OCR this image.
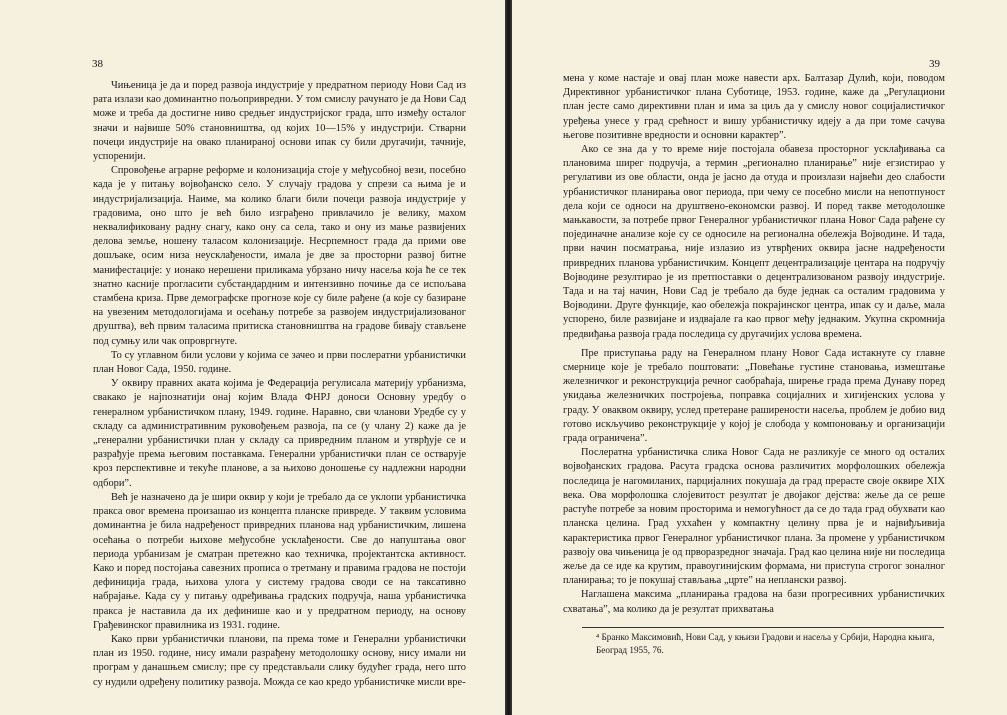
38

Чињеница је да и поред развоја индустрије у предратном периоду Нови Сад из рата излази као доминантно пољопривредни. У том смислу рачунато је да Нови Сад може и треба да достигне ниво средњег индустријског града, што између осталог значи и највише 50% становништва, од којих 10—15% у индустрији. Стварни почеци индустрије на овако планираној основи ипак су били другачији, тачније, успоренији.

Спровођење аграрне реформе и колонизација стоје у међусобној вези, посебно када је у питању војвођанско село. У случају градова у спрези са њима је и индустријализација. Наиме, ма колико благи били почеци развоја индустрије у градовима, оно што је већ било изграђено привлачило је велику, махом неквалификовану радну снагу, како ону са села, тако и ону из мање развијених делова земље, ношену таласом колонизације. Несрпемност града да прими ове дошљаке, осим низа неусклађености, имала је две за просторни развој битне манифестације: у ионако нерешени приликама убрзано ничу насеља која ће се тек знатно касније прогласити субстандардним и интензивно почиње да се испољава стамбена криза. Прве демографске прогнозе које су биле рађене (а које су базиране на увезеним методологијама и осећању потребе за развојем индустријализованог друштва), већ првим таласима притиска становништва на градове бивају стављене под сумњу или чак опровргнуте.

То су углавном били услови у којима се зачео и први послератни урбанистички план Новог Сада, 1950. године.

У оквиру правних аката којима је Федерација регулисала материју урбанизма, свакако је најпознатији онај којим Влада ФНРЈ доноси Основну уредбу о генералном урбанистичком плану, 1949. године. Наравно, сви чланови Уредбе су у складу са административним руковођењем развоја, па се (у члану 2) каже да је „генерални урбанистички план у складу са привредним планом и утврђује се и разрађује према његовим поставкама. Генерални урбанистички план се остварује кроз перспективне и текуће планове, а за њихово доношење су надлежни народни одбори”.

Већ је назначено да је шири оквир у који је требало да се уклопи урбанистичка пракса овог времена произашао из концепта планске привреде. У таквим условима доминантна је била надређеност привредних планова над урбанистичким, лишена осећања о потреби њихове међусобне усклађености. Све до напуштања овог периода урбанизам је сматран претежно као техничка, пројектантска активност. Како и поред постојања савезних прописа о третману и правима градова не постоји дефиниција града, њихова улога у систему градова своди се на таксативно набрајање. Када су у питању одређивања градских подручја, наша урбанистичка пракса је наставила да их дефинише као и у предратном периоду, на основу Грађевинског правилника из 1931. године.

Како први урбанистички планови, па према томе и Генерални урбанистички план из 1950. године, нису имали разрађену методолошку основу, нису имали ни програм у данашњем смислу; пре су представљали слику будућег града, него што су нудили одређену политику развоја. Можда се као кредо урбанистичке мисли вре-

39

мена у коме настаје и овај план може навести арх. Балтазар Дулић, који, поводом Директивног урбанистичког плана Суботице, 1953. године, каже да „Регулациони план јесте само директивни план и има за циљ да у смислу новог социјалистичког уређења унесе у град срећност и вишу урбанистичку идеју а да при томе сачува његове позитивне вредности и основни карактер”.

Ако се зна да у то време није постојала обавеза просторног усклађивања са плановима ширег подручја, а термин „регионално планирање” није егзистирао у регулативи из ове области, онда је јасно да отуда и произлази највећи део слабости урбанистичког планирања овог периода, при чему се посебно мисли на непотпуност дела који се односи на друштвено-економски развој. И поред такве методолошке мањкавости, за потребе првог Генералног урбанистичког плана Новог Сада рађене су појединачне анализе које су се односиле на регионална обележја Војводине. И тада, први начин посматрања, није излазио из утврђених оквира јасне надређености привредних планова урбанистичким. Концепт децентрализације центара на подручју Војводине резултирао је из претпоставки о децентрализованом развоју индустрије. Тада и на тај начин, Нови Сад је требало да буде једнак са осталим градовима у Војводини. Друге функције, као обележја покрајинског центра, ипак су и даље, мала успорено, биле развијане и издвајале га као првог међу једнаким. Укупна скромнија предвиђања развоја града последица су другачијих услова времена.

Пре приступања раду на Генералном плану Новог Сада истакнуте су главне смернице које је требало поштовати: „Повећање густине становања, измештање железничког и реконструкција речног саобраћаја, ширење града према Дунаву поред укидања железничких постројења, поправка социјалних и хигијенских услова у граду. У оваквом оквиру, услед претеране раширености насеља, проблем је добио вид готово искључиво реконструкције у којој је слобода у компоновању и организацији града ограничена”.

Послератна урбанистичка слика Новог Сада не разликује се много од осталих војвођанских градова. Расута градска основа различитих морфолошких обележја последица је нагомиланих, парцијалних покушаја да град прерасте своје оквире XIX века. Ова морфолошка слојевитост резултат је двојаког дејства: жеље да се реше растуће потребе за новим просторима и немогућност да се до тада град обухвати као планска целина. Град уххаћен у компактну целину прва је и највиђљивија карактеристика првог Генералног урбанистичког плана. За промене у урбанистичком развоју ова чињеница је од прворазредног значаја. Град као целина није ни последица жеље да се иде ка крутим, правоугинијским формама, ни приступа строгог зоналног планирања; то је покушај стављања „црте” на неплански развој.

Наглашена максима „планирања градова на бази прогресивних урбанистичких схватања”, ма колико да је резултат прихватања

⁴ Бранко Максимовић, Нови Сад, у књизи Градови и насеља у Србији, Народна књига, Београд 1955, 76.
